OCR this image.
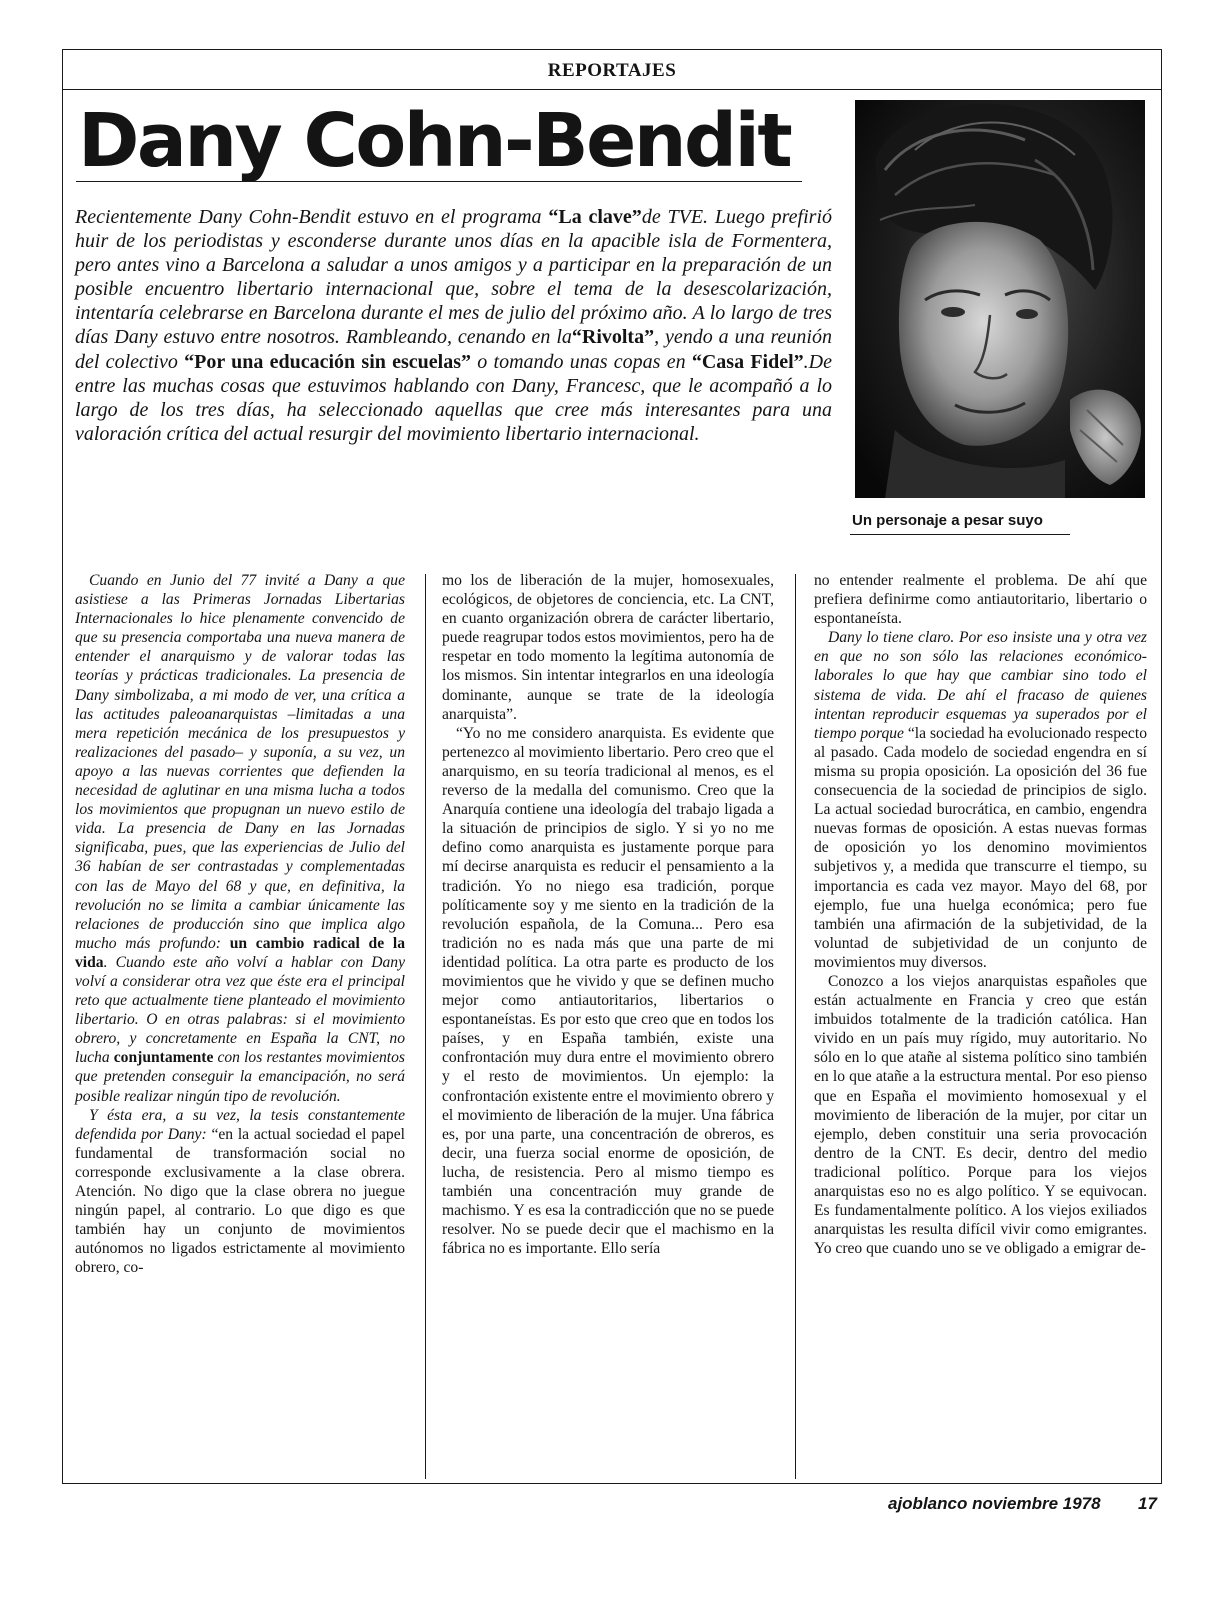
REPORTAJES
Dany Cohn-Bendit
Un personaje a pesar suyo

Recientemente Dany Cohn-Bendit estuvo en el programa “La clave”de TVE. Luego prefirió huir de los periodistas y esconderse durante unos días en la apacible isla de Formentera, pero antes vino a Barcelona a saludar a unos amigos y a participar en la preparación de un posible encuentro libertario internacional que, sobre el tema de la desescolarización, intentaría celebrarse en Barcelona durante el mes de julio del próximo año. A lo largo de tres días Dany estuvo entre nosotros. Rambleando, cenando en la“Rivolta”, yendo a una reunión del colectivo “Por una educación sin escuelas” o tomando unas copas en “Casa Fidel”.De entre las muchas cosas que estuvimos hablando con Dany, Francesc, que le acompañó a lo largo de los tres días, ha seleccionado aquellas que cree más interesantes para una valoración crítica del actual resurgir del movimiento libertario internacional.

Cuando en Junio del 77 invité a Dany a que asistiese a las Primeras Jornadas Libertarias Internacionales lo hice plenamente convencido de que su presencia comportaba una nueva manera de entender el anarquismo y de valorar todas las teorías y prácticas tradicionales. La presencia de Dany simbolizaba, a mi modo de ver, una crítica a las actitudes paleoanarquistas –limitadas a una mera repetición mecánica de los presupuestos y realizaciones del pasado– y suponía, a su vez, un apoyo a las nuevas corrientes que defienden la necesidad de aglutinar en una misma lucha a todos los movimientos que propugnan un nuevo estilo de vida. La presencia de Dany en las Jornadas significaba, pues, que las experiencias de Julio del 36 habían de ser contrastadas y complementadas con las de Mayo del 68 y que, en definitiva, la revolución no se limita a cambiar únicamente las relaciones de producción sino que implica algo mucho más profundo: un cambio radical de la vida. Cuando este año volví a hablar con Dany volví a considerar otra vez que éste era el principal reto que actualmente tiene planteado el movimiento libertario. O en otras palabras: si el movimiento obrero, y concretamente en España la CNT, no lucha conjuntamente con los restantes movimientos que pretenden conseguir la emancipación, no será posible realizar ningún tipo de revolución.

Y ésta era, a su vez, la tesis constantemente defendida por Dany: “en la actual sociedad el papel fundamental de transformación social no corresponde exclusivamente a la clase obrera. Atención. No digo que la clase obrera no juegue ningún papel, al contrario. Lo que digo es que también hay un conjunto de movimientos autónomos no ligados estrictamente al movimiento obrero, co-

mo los de liberación de la mujer, homosexuales, ecológicos, de objetores de conciencia, etc. La CNT, en cuanto organización obrera de carácter libertario, puede reagrupar todos estos movimientos, pero ha de respetar en todo momento la legítima autonomía de los mismos. Sin intentar integrarlos en una ideología dominante, aunque se trate de la ideología anarquista”.

“Yo no me considero anarquista. Es evidente que pertenezco al movimiento libertario. Pero creo que el anarquismo, en su teoría tradicional al menos, es el reverso de la medalla del comunismo. Creo que la Anarquía contiene una ideología del trabajo ligada a la situación de principios de siglo. Y si yo no me defino como anarquista es justamente porque para mí decirse anarquista es reducir el pensamiento a la tradición. Yo no niego esa tradición, porque políticamente soy y me siento en la tradición de la revolución española, de la Comuna... Pero esa tradición no es nada más que una parte de mi identidad política. La otra parte es producto de los movimientos que he vivido y que se definen mucho mejor como antiautoritarios, libertarios o espontaneístas. Es por esto que creo que en todos los países, y en España también, existe una confrontación muy dura entre el movimiento obrero y el resto de movimientos. Un ejemplo: la confrontación existente entre el movimiento obrero y el movimiento de liberación de la mujer. Una fábrica es, por una parte, una concentración de obreros, es decir, una fuerza social enorme de oposición, de lucha, de resistencia. Pero al mismo tiempo es también una concentración muy grande de machismo. Y es esa la contradicción que no se puede resolver. No se puede decir que el machismo en la fábrica no es importante. Ello sería

no entender realmente el problema. De ahí que prefiera definirme como antiautoritario, libertario o espontaneísta.

Dany lo tiene claro. Por eso insiste una y otra vez en que no son sólo las relaciones económico-laborales lo que hay que cambiar sino todo el sistema de vida. De ahí el fracaso de quienes intentan reproducir esquemas ya superados por el tiempo porque “la sociedad ha evolucionado respecto al pasado. Cada modelo de sociedad engendra en sí misma su propia oposición. La oposición del 36 fue consecuencia de la sociedad de principios de siglo. La actual sociedad burocrática, en cambio, engendra nuevas formas de oposición. A estas nuevas formas de oposición yo los denomino movimientos subjetivos y, a medida que transcurre el tiempo, su importancia es cada vez mayor. Mayo del 68, por ejemplo, fue una huelga económica; pero fue también una afirmación de la subjetividad, de la voluntad de subjetividad de un conjunto de movimientos muy diversos.

Conozco a los viejos anarquistas españoles que están actualmente en Francia y creo que están imbuidos totalmente de la tradición católica. Han vivido en un país muy rígido, muy autoritario. No sólo en lo que atañe al sistema político sino también en lo que atañe a la estructura mental. Por eso pienso que en España el movimiento homosexual y el movimiento de liberación de la mujer, por citar un ejemplo, deben constituir una seria provocación dentro de la CNT. Es decir, dentro del medio tradicional político. Porque para los viejos anarquistas eso no es algo político. Y se equivocan. Es fundamentalmente político. A los viejos exiliados anarquistas les resulta difícil vivir como emigrantes. Yo creo que cuando uno se ve obligado a emigrar de-

ajoblanco noviembre 1978 17
